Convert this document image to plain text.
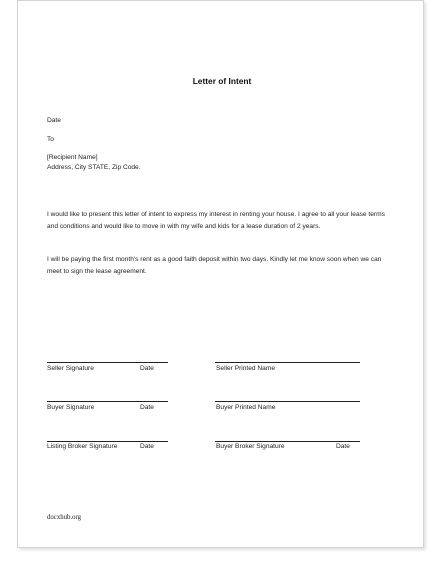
Letter of Intent
Date
To
[Recipient Name]
Address, City STATE, Zip Code.

I would like to present this letter of intent to express my interest in renting your house. I agree to all your lease terms and conditions and would like to move in with my wife and kids for a lease duration of 2 years.

I will be paying the first month's rent as a good faith deposit within two days. Kindly let me know soon when we can meet to sign the lease agreement.

Seller Signature	Date	Seller Printed Name
Buyer Signature	Date	Buyer Printed Name
Listing Broker Signature	Date	Buyer Broker Signature	Date
docxhub.org
